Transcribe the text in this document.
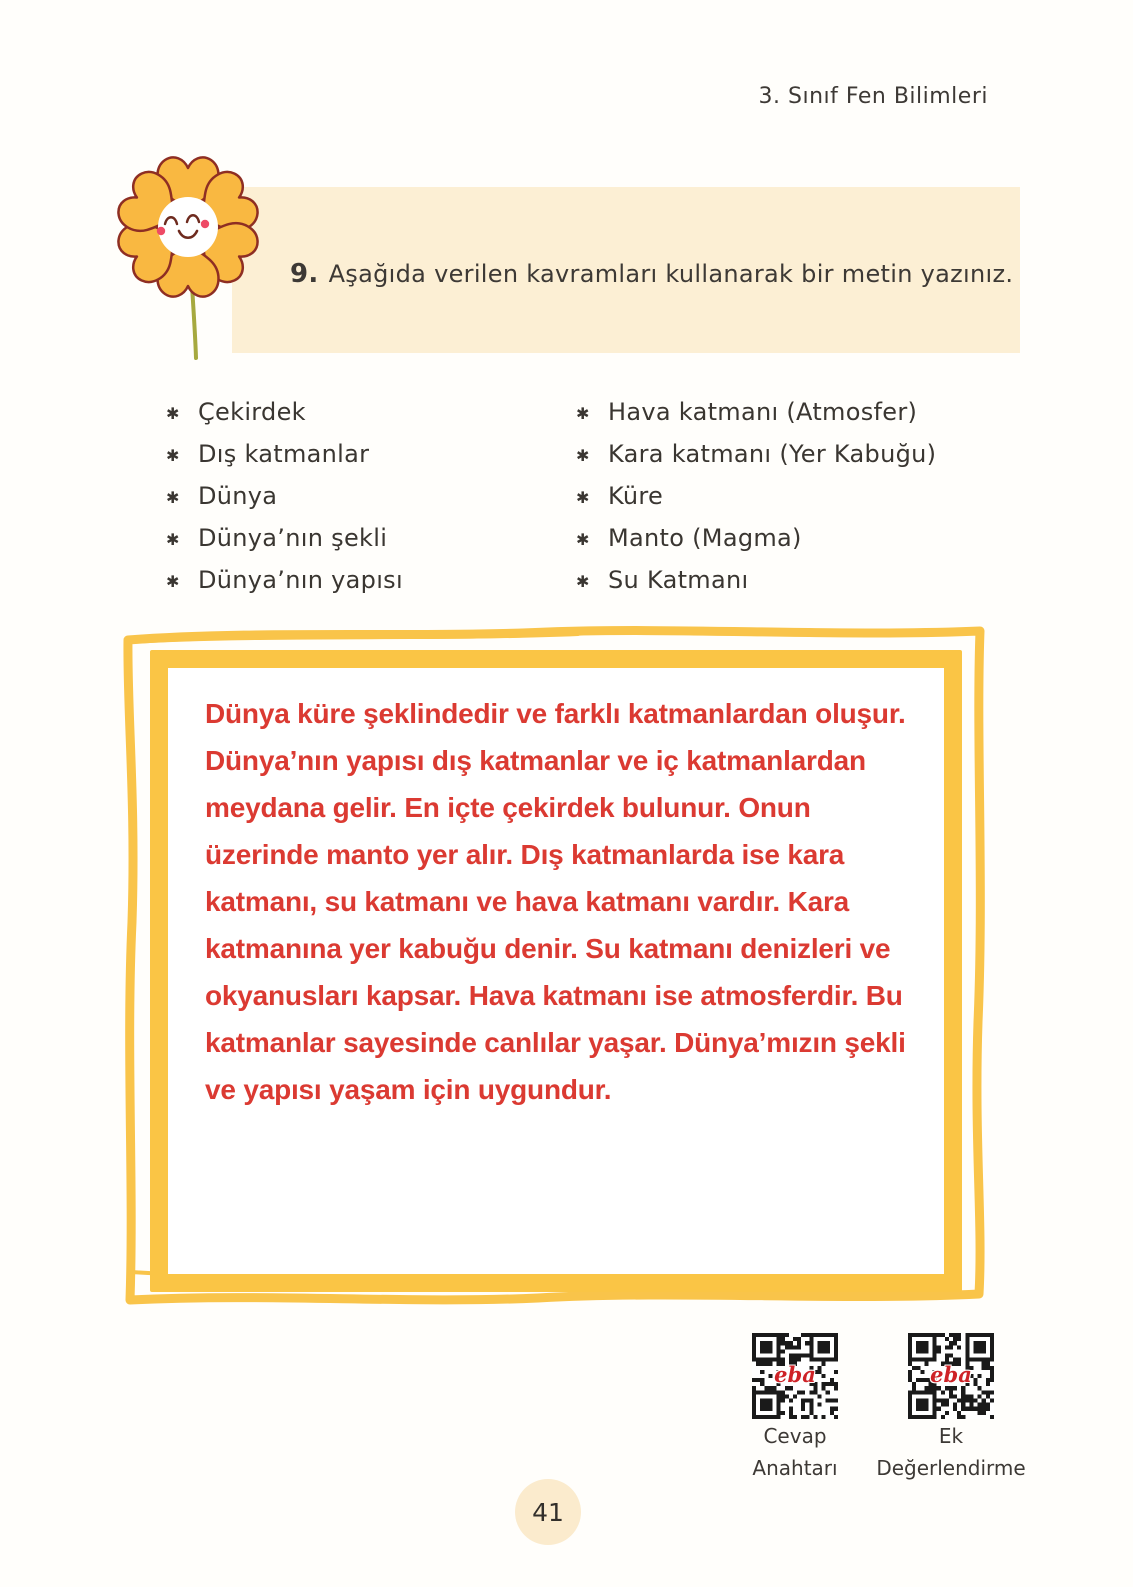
3. Sınıf Fen Bilimleri
9. Aşağıda verilen kavramları kullanarak bir metin yazınız.
✱ Çekirdek
✱ Dış katmanlar
✱ Dünya
✱ Dünya’nın şekli
✱ Dünya’nın yapısı
✱ Hava katmanı (Atmosfer)
✱ Kara katmanı (Yer Kabuğu)
✱ Küre
✱ Manto (Magma)
✱ Su Katmanı
Dünya küre şeklindedir ve farklı katmanlardan oluşur. Dünya’nın yapısı dış katmanlar ve iç katmanlardan meydana gelir. En içte çekirdek bulunur. Onun üzerinde manto yer alır. Dış katmanlarda ise kara katmanı, su katmanı ve hava katmanı vardır. Kara katmanına yer kabuğu denir. Su katmanı denizleri ve okyanusları kapsar. Hava katmanı ise atmosferdir. Bu katmanlar sayesinde canlılar yaşar. Dünya’mızın şekli ve yapısı yaşam için uygundur.
eba	eba
Cevap
Anahtarı
Ek
Değerlendirme
41
